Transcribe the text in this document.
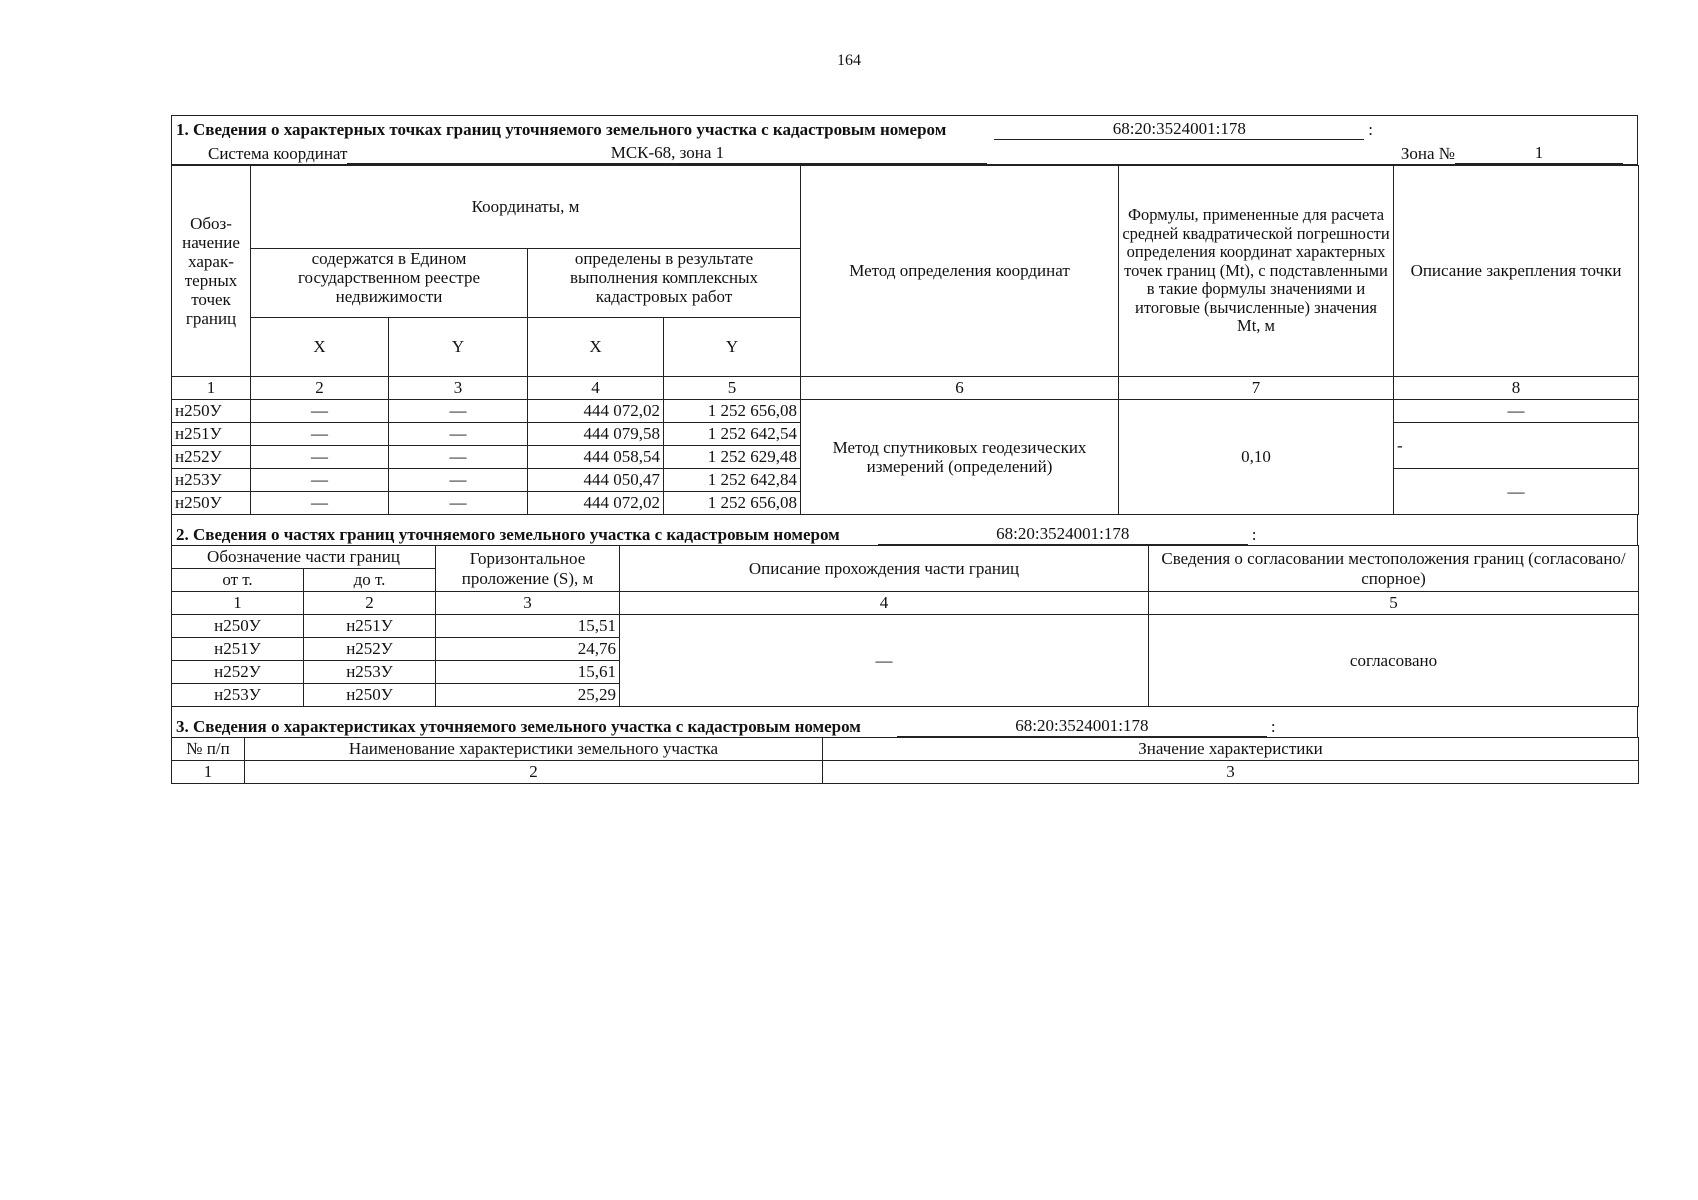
164
1. Сведения о характерных точках границ уточняемого земельного участка с кадастровым номером	68:20:3524001:178	:
Система координат	МСК-68, зона 1	Зона №	1
Обоз-начение харак-терных точек границ	Координаты, м				Метод определения координат	Формулы, примененные для расчета средней квадратической погрешности определения координат характерных точек границ (Mt), с подставленными в такие формулы значениями и итоговые (вычисленные) значения Mt, м	Описание закрепления точки
	содержатся в Едином государственном реестре недвижимости		определены в результате выполнения комплексных кадастровых работ				
	X	Y	X	Y			
1	2	3	4	5	6	7	8
н250У	—	—	444 072,02	1 252 656,08	Метод спутниковых геодезических измерений (определений)	0,10	—
н251У	—	—	444 079,58	1 252 642,54			-
н252У	—	—	444 058,54	1 252 629,48			
н253У	—	—	444 050,47	1 252 642,84			—
н250У	—	—	444 072,02	1 252 656,08			
2. Сведения о частях границ уточняемого земельного участка с кадастровым номером	68:20:3524001:178	:
Обозначение части границ		Горизонтальное проложение (S), м	Описание прохождения части границ	Сведения о согласовании местоположения границ (согласовано/спорное)
от т.	до т.			
1	2	3	4	5
н250У	н251У	15,51	—	согласовано
н251У	н252У	24,76		
н252У	н253У	15,61		
н253У	н250У	25,29		
3. Сведения о характеристиках уточняемого земельного участка с кадастровым номером	68:20:3524001:178	:
№ п/п	Наименование характеристики земельного участка	Значение характеристики
1	2	3
